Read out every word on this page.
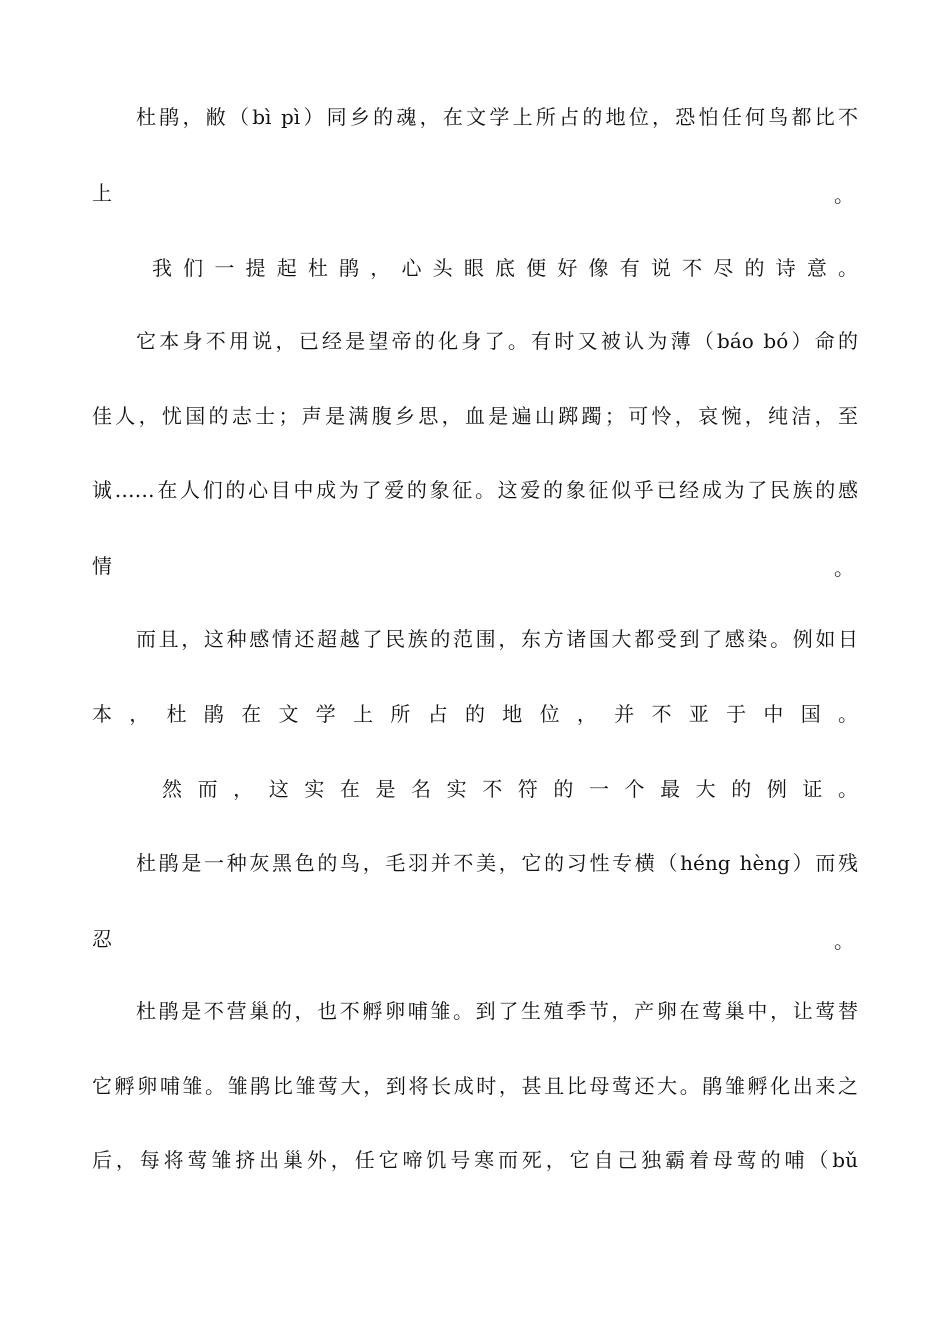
杜鹃，敝（bì pì）同乡的魂，在文学上所占的地位，恐怕任何鸟都比不
上	。
我们一提起杜鹃，心头眼底便好像有说不尽的诗意。
它本身不用说，已经是望帝的化身了。有时又被认为薄（báo bó）命的
佳人，忧国的志士；声是满腹乡思，血是遍山踯躅；可怜，哀惋，纯洁，至
诚……在人们的心目中成为了爱的象征。这爱的象征似乎已经成为了民族的感
情	。
而且，这种感情还超越了民族的范围，东方诸国大都受到了感染。例如日
本，杜鹃在文学上所占的地位，并不亚于中国。
然而，这实在是名实不符的一个最大的例证。
杜鹃是一种灰黑色的鸟，毛羽并不美，它的习性专横（héng hèng）而残
忍	。
杜鹃是不营巢的，也不孵卵哺雏。到了生殖季节，产卵在莺巢中，让莺替
它孵卵哺雏。雏鹃比雏莺大，到将长成时，甚且比母莺还大。鹃雏孵化出来之
后，每将莺雏挤出巢外，任它啼饥号寒而死，它自己独霸着母莺的哺（bǔ
